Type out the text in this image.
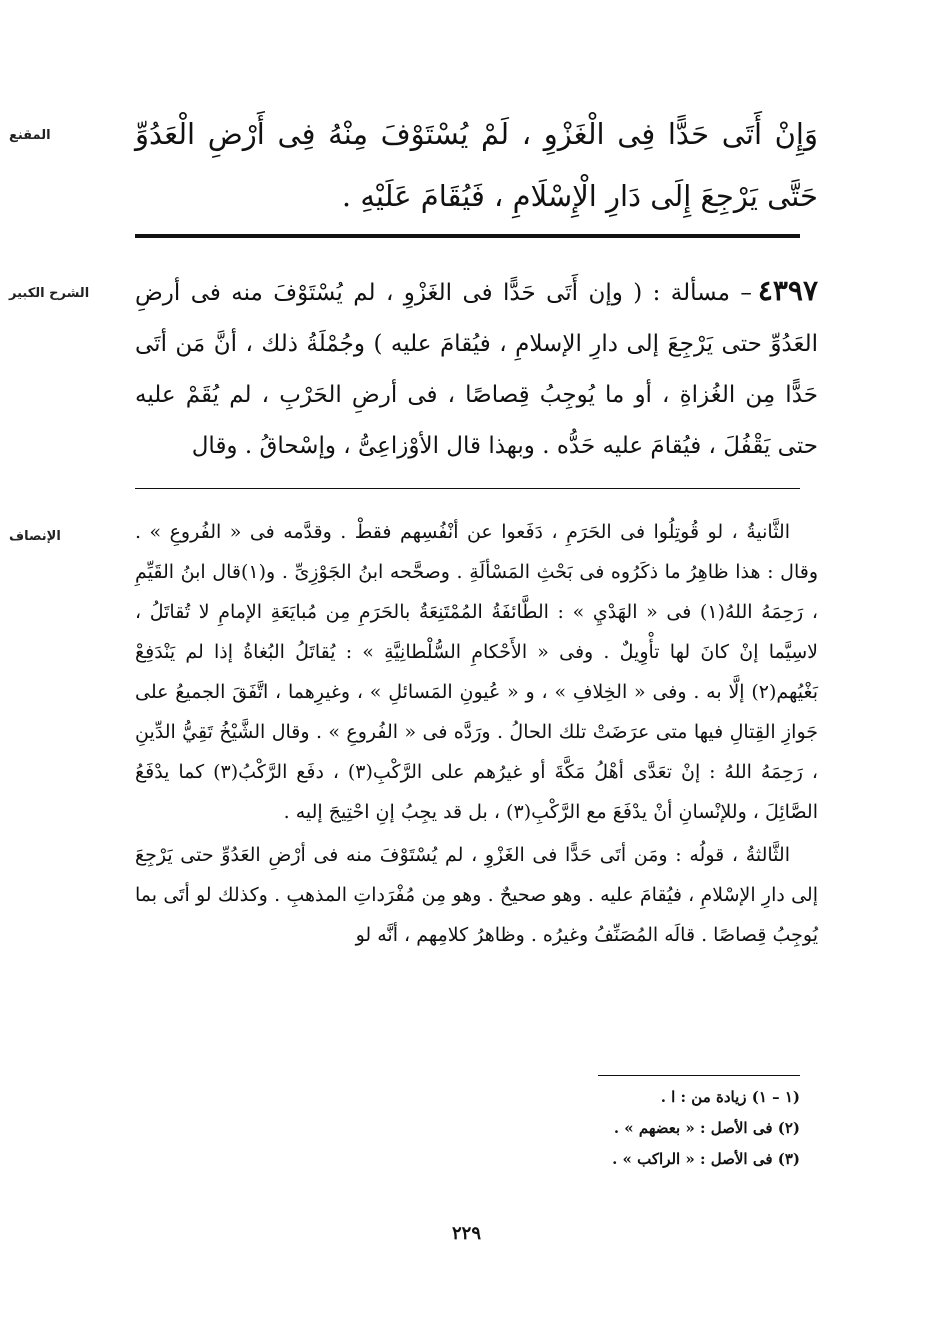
المقنع	وَإِنْ أَتَى حَدًّا فِى الْغَزْوِ ، لَمْ يُسْتَوْفَ مِنْهُ فِى أَرْضِ الْعَدُوِّ حَتَّى يَرْجِعَ إِلَى دَارِ الْإِسْلَامِ ، فَيُقَامَ عَلَيْهِ .

الشرح الكبير	٤٣٩٧– مسألة : ( وإن أَتَى حَدًّا فى الغَزْوِ ، لم يُسْتَوْفَ منه فى أرضِ العَدُوِّ حتى يَرْجِعَ إلى دارِ الإسلامِ ، فيُقامَ عليه ) وجُمْلَةُ ذلك ، أنَّ مَن أتَى حَدًّا مِن الغُزاةِ ، أو ما يُوجِبُ قِصاصًا ، فى أرضِ الحَرْبِ ، لم يُقَمْ عليه حتى يَقْفُلَ ، فيُقامَ عليه حَدُّه . وبهذا قال الأوْزاعِىُّ ، وإسْحاقُ . وقال

الإنصاف	الثَّانيةُ ، لو قُوتِلُوا فى الحَرَمِ ، دَفَعوا عن أنْفُسِهم فقطْ . وقدَّمه فى « الفُروعِ » . وقال : هذا ظاهِرُ ما ذكَرُوه فى بَحْثِ المَسْألَةِ . وصحَّحه ابنُ الجَوْزِىِّ . و(١)قال ابنُ القَيِّمِ ، رَحِمَهُ اللهُ(١) فى « الهَدْيِ » : الطَّائفَةُ المُمْتَنِعَةُ بالحَرَمِ مِن مُبايَعَةِ الإمامِ لا تُقاتَلُ ، لاسِيَّما إنْ كانَ لها تأْوِيلٌ . وفى « الأَحْكامِ السُّلْطانِيَّةِ » : يُقاتَلُ البُغاةُ إذا لم يَنْدَفِعْ بَغْيُهم(٢) إلَّا به . وفى « الخِلافِ » ، و « عُيونِ المَسائلِ » ، وغيرِهما ، اتَّفَقَ الجميعُ على جَوازِ القِتالِ فيها متى عرَضَتْ تلك الحالُ . ورَدَّه فى « الفُروعِ » . وقال الشَّيْخُ تَقِيُّ الدِّينِ ، رَحِمَهُ اللهُ : إنْ تعَدَّى أهْلُ مَكَّةَ أو غيرُهم على الرَّكْبِ(٣) ، دفَع الرَّكْبُ(٣) كما يدْفَعُ الصَّائِلَ ، وللإنْسانِ أنْ يدْفَعَ مع الرَّكْبِ(٣) ، بل قد يجِبُ إنِ احْتِيجَ إليه .

الثَّالثةُ ، قولُه : ومَن أتَى حَدًّا فى الغَزْوِ ، لم يُسْتَوْفَ منه فى أرْضِ العَدُوِّ حتى يَرْجِعَ إلى دارِ الإسْلامِ ، فيُقامَ عليه . وهو صحيحٌ . وهو مِن مُفْرَداتِ المذهبِ . وكذلك لو أتَى بما يُوجِبُ قِصاصًا . قالَه المُصَنِّفُ وغيرُه . وظاهرُ كلامِهم ، أنَّه لو

(١ – ١) زيادة من : ا .
(٢) فى الأصل : « بعضهم » .
(٣) فى الأصل : « الراكب » .
٢٢٩
